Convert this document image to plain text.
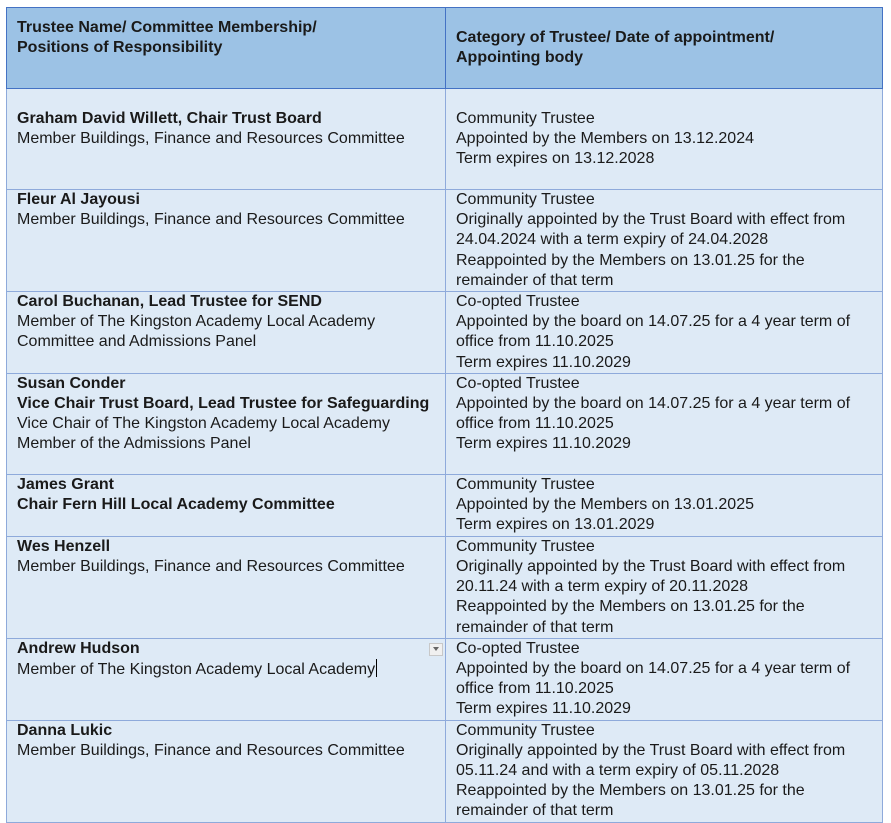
Trustee Name/ Committee Membership/
Positions of Responsibility	Category of Trustee/ Date of appointment/
Appointing body

Graham David Willett, Chair Trust Board
Member Buildings, Finance and Resources Committee	Community Trustee
Appointed by the Members on 13.12.2024
Term expires on 13.12.2028

Fleur Al Jayousi
Member Buildings, Finance and Resources Committee	Community Trustee
Originally appointed by the Trust Board with effect from 24.04.2024 with a term expiry of 24.04.2028
Reappointed by the Members on 13.01.25 for the remainder of that term

Carol Buchanan, Lead Trustee for SEND
Member of The Kingston Academy Local Academy Committee and Admissions Panel	Co-opted Trustee
Appointed by the board on 14.07.25 for a 4 year term of office from 11.10.2025
Term expires 11.10.2029

Susan Conder
Vice Chair Trust Board, Lead Trustee for Safeguarding
Vice Chair of The Kingston Academy Local Academy
Member of the Admissions Panel	Co-opted Trustee
Appointed by the board on 14.07.25 for a 4 year term of office from 11.10.2025
Term expires 11.10.2029

James Grant
Chair Fern Hill Local Academy Committee	Community Trustee
Appointed by the Members on 13.01.2025
Term expires on 13.01.2029

Wes Henzell
Member Buildings, Finance and Resources Committee	Community Trustee
Originally appointed by the Trust Board with effect from 20.11.24 with a term expiry of 20.11.2028
Reappointed by the Members on 13.01.25 for the remainder of that term

Andrew Hudson
Member of The Kingston Academy Local Academy	Co-opted Trustee
Appointed by the board on 14.07.25 for a 4 year term of office from 11.10.2025
Term expires 11.10.2029

Danna Lukic
Member Buildings, Finance and Resources Committee	Community Trustee
Originally appointed by the Trust Board with effect from 05.11.24 and with a term expiry of 05.11.2028
Reappointed by the Members on 13.01.25 for the remainder of that term
